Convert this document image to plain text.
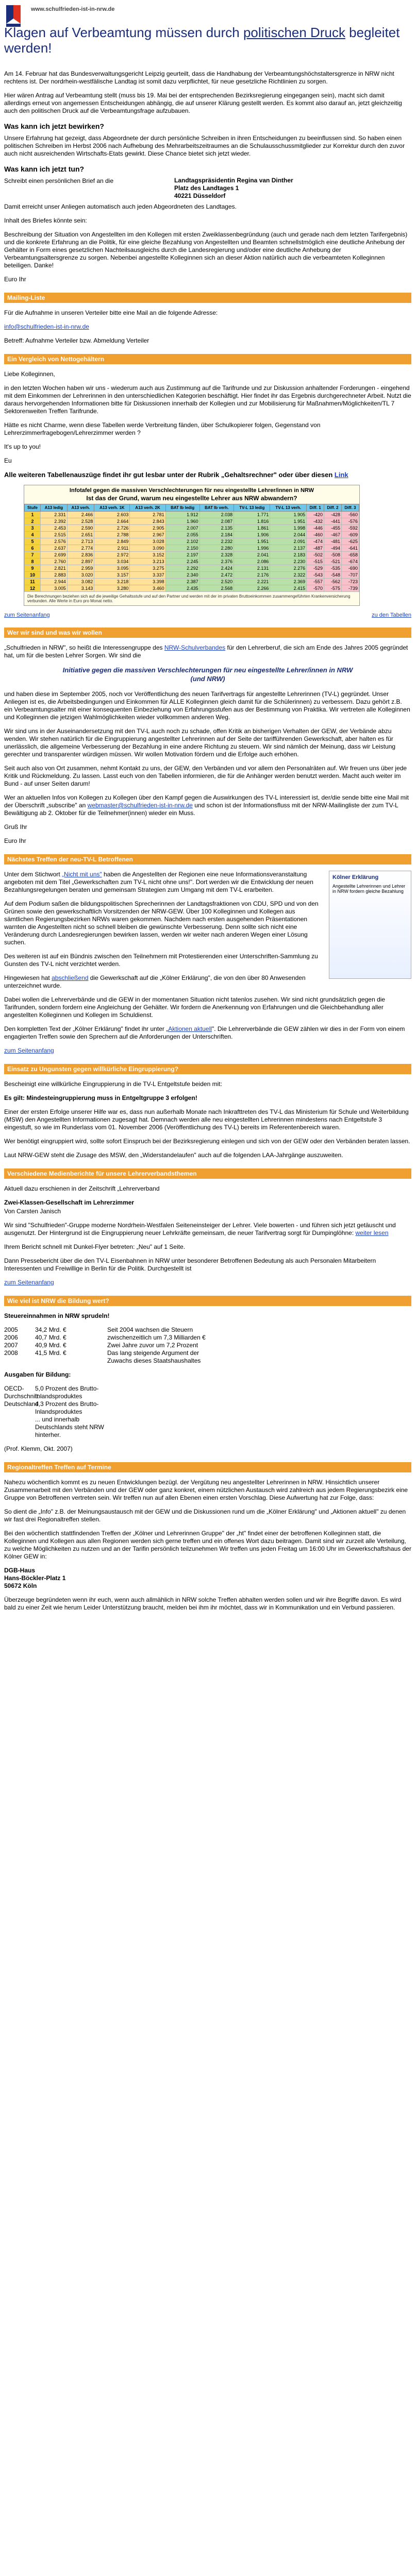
www.schulfrieden-ist-in-nrw.de
Klagen auf Verbeamtung müssen durch politischen Druck begleitet werden!

Am 14. Februar hat das Bundesverwaltungsgericht Leipzig geurteilt, dass die Handhabung der Verbeamtungshöchstaltersgrenze in NRW nicht rechtens ist. Der nordrhein-westfälische Landtag ist somit dazu verpflichtet, für neue gesetzliche Richtlinien zu sorgen.

Hier wären Antrag auf Verbeamtung stellt (muss bis 19. Mai bei der entsprechenden Bezirksregierung eingegangen sein), macht sich damit allerdings erneut von angemessen Entscheidungen abhängig, die auf unserer Klärung gestellt werden. Es kommt also darauf an, jetzt gleichzeitig auch den politischen Druck auf die Verbeamtungsfrage aufzubauen.

Was kann ich jetzt bewirken?

Unsere Erfahrung hat gezeigt, dass Abgeordnete der durch persönliche Schreiben in ihren Entscheidungen zu beeinflussen sind. So haben einen politischen Schreiben im Herbst 2006 nach Aufhebung des Mehrarbeitszeitraumes an die Schulausschussmitglieder zur Korrektur durch den zuvor auch nicht ausreichenden Wirtschafts-Etats gewirkt. Diese Chance bietet sich jetzt wieder.

Was kann ich jetzt tun?

Schreibt einen persönlichen Brief an die	Landtagspräsidentin Regina van Dinther
Platz des Landtages 1
40221 Düsseldorf

Damit erreicht unser Anliegen automatisch auch jeden Abgeordneten des Landtages.

Inhalt des Briefes könnte sein:

Beschreibung der Situation von Angestellten im den Kollegen mit ersten Zweiklassenbegründung (auch und gerade nach dem letzten Tarifergebnis) und die konkrete Erfahrung an die Politik, für eine gleiche Bezahlung von Angestellten und Beamten schnellstmöglich eine deutliche Anhebung der Gehälter in Form eines gesetzlichen Nachteilsausgleichs durch die Landesregierung und/oder eine deutliche Anhebung der Verbeamtungsaltersgrenze zu sorgen. Nebenbei angestellte Kolleginnen sich an dieser Aktion natürlich auch die verbeamteten Kolleginnen beteiligen. Danke!

Euro Ihr

Mailing-Liste

Für die Aufnahme in unseren Verteiler bitte eine Mail an die folgende Adresse:

info@schulfrieden-ist-in-nrw.de

Betreff: Aufnahme Verteiler bzw. Abmeldung Verteiler

Ein Vergleich von Nettogehältern

Liebe Kolleginnen,

in den letzten Wochen haben wir uns - wiederum auch aus Zustimmung auf die Tarifrunde und zur Diskussion anhaltender Forderungen - eingehend mit dem Einkommen der Lehrerinnen in den unterschiedlichen Kategorien beschäftigt. Hier findet ihr das Ergebnis durchgerechneter Arbeit. Nutzt die daraus hervorgehenden Informationen bitte für Diskussionen innerhalb der Kollegien und zur Mobilisierung für Maßnahmen/Möglichkeiten/TL 7 Sektorenweiten Treffen Tarifrunde.

Hätte es nicht Charme, wenn diese Tabellen werde Verbreitung fänden, über Schulkopierer folgen, Gegenstand von Lehrerzimmerfragebogen/Lehrerzimmer werden ?

It's up to you!

Eu

Alle weiteren Tabellenauszüge findet ihr gut lesbar unter der Rubrik „Gehaltsrechner" oder über diesen Link

Infotafel gegen die massiven Verschlechterungen für neu eingestellte Lehrer/innen in NRW
Ist das der Grund, warum neu eingestellte Lehrer aus NRW abwandern?
Stufe	A13 ledig	A13 verh.	A13 verh. 1K	A13 verh. 2K	BAT Ib ledig	BAT Ib verh.	TV-L 13 ledig	TV-L 13 verh.	Diff. 1	Diff. 2	Diff. 3
1	2.331	2.466	2.603	2.781	1.912	2.038	1.771	1.905	-420	-428	-560
2	2.392	2.528	2.664	2.843	1.960	2.087	1.816	1.951	-432	-441	-576
3	2.453	2.590	2.726	2.905	2.007	2.135	1.861	1.998	-446	-455	-592
4	2.515	2.651	2.788	2.967	2.055	2.184	1.906	2.044	-460	-467	-609
5	2.576	2.713	2.849	3.028	2.102	2.232	1.951	2.091	-474	-481	-625
6	2.637	2.774	2.911	3.090	2.150	2.280	1.996	2.137	-487	-494	-641
7	2.699	2.836	2.972	3.152	2.197	2.328	2.041	2.183	-502	-508	-658
8	2.760	2.897	3.034	3.213	2.245	2.376	2.086	2.230	-515	-521	-674
9	2.821	2.959	3.095	3.275	2.292	2.424	2.131	2.276	-529	-535	-690
10	2.883	3.020	3.157	3.337	2.340	2.472	2.176	2.322	-543	-548	-707
11	2.944	3.082	3.218	3.398	2.387	2.520	2.221	2.369	-557	-562	-723
12	3.005	3.143	3.280	3.460	2.435	2.568	2.266	2.415	-570	-575	-739
Die Berechnungen beziehen sich auf die jeweilige Gehaltsstufe und auf den Partner und werden mit der im privaten Bruttoeinkommen zusammengeführten Krankenversicherung verbunden. Alle Werte in Euro pro Monat netto.
zum Seitenanfang	zu den Tabellen
Wer wir sind und was wir wollen

„Schulfrieden in NRW", so heißt die Interessengruppe des NRW-Schulverbandes für den Lehrerberuf, die sich am Ende des Jahres 2005 gegründet hat, um für die besten Lehrer Sorgen. Wir sind die

Initiative gegen die massiven Verschlechterungen für neu eingestellte Lehrer/innen in NRW
(und NRW)

und haben diese im September 2005, noch vor Veröffentlichung des neuen Tarifvertrags für angestellte Lehrerinnen (TV-L) gegründet. Unser Anliegen ist es, die Arbeitsbedingungen und Einkommen für ALLE Kolleginnen gleich damit für die Schülerinnen) zu verbessern. Dazu gehört z.B. ein Verbeamtungsalter mit einer konsequenten Einbeziehung von Erfahrungsstufen aus der Bestimmung von Praktika. Wir vertreten alle Kolleginnen und Kolleginnen die jetzigen Wahlmöglichkeiten wieder vollkommen anderen Weg.

Wir sind uns in der Auseinandersetzung mit den TV-L auch noch zu schade, offen Kritik an bisherigen Verhalten der GEW, der Verbände abzu wenden. Wir stehen natürlich für die Eingruppierung angestellter Lehrerinnen auf der Seite der tarifführenden Gewerkschaft, aber halten es für unerlässlich, die allgemeine Verbesserung der Bezahlung in eine andere Richtung zu steuern. Wir sind nämlich der Meinung, dass wir Leistung gerechter und transparenter würdigen müssen. Wir wollen Motivation fördern und die Erfolge auch erhöhen.

Seit auch also von Ort zusammen, nehmt Kontakt zu uns, der GEW, den Verbänden und vor allem den Personalräten auf. Wir freuen uns über jede Kritik und Rückmeldung. Zu lassen. Lasst euch von den Tabellen informieren, die für die Anhänger werden benutzt werden. Macht auch weiter im Bund - auf unser Seiten darum!

Wer an aktuellen Infos von Kollegen zu Kollegen über den Kampf gegen die Auswirkungen des TV-L interessiert ist, der/die sende bitte eine Mail mit der Überschrift „subscribe" an webmaster@schulfrieden-ist-in-nrw.de und schon ist der Informationsfluss mit der NRW-Mailingliste der zum TV-L Bewältigung ab 2. Oktober für die Teilnehmer(innen) wieder ein Muss.

Gruß Ihr

Euro Ihr

Nächstes Treffen der neu-TV-L Betroffenen
Kölner Erklärung
Angestellte Lehrerinnen und Lehrer in NRW fordern gleiche Bezahlung

Unter dem Stichwort „Nicht mit uns" haben die Angestellten der Regionen eine neue Informationsveranstaltung angeboten mit dem Titel „Gewerkschaften zum TV-L nicht ohne uns!". Dort werden wir die Entwicklung der neuen Bezahlungsregelungen beraten und gemeinsam Strategien zum Umgang mit dem TV-L erarbeiten.

Auf dem Podium saßen die bildungspolitischen Sprecherinnen der Landtagsfraktionen von CDU, SPD und von den Grünen sowie den gewerkschaftlich Vorsitzenden der NRW-GEW. Über 100 Kolleginnen und Kollegen aus sämtlichen Regierungsbezirken NRWs waren gekommen. Nachdem nach ersten ausgehenden Präsentationen warnten die Angestellten nicht so schnell bleiben die gewünschte Verbesserung. Denn sollte sich nicht eine Veränderung durch Landesregierungen bewirken lassen, werden wir weiter nach anderen Wegen einer Lösung suchen.

Des weiteren ist auf ein Bündnis zwischen den Teilnehmern mit Protestierenden einer Unterschriften-Sammlung zu Gunsten des TV-L nicht verzichtet werden.

Hingewiesen hat abschließend die Gewerkschaft auf die „Kölner Erklärung", die von den über 80 Anwesenden unterzeichnet wurde.

Dabei wollen die Lehrerverbände und die GEW in der momentanen Situation nicht tatenlos zusehen. Wir sind nicht grundsätzlich gegen die Tarifrunden, sondern fordern eine Angleichung der Gehälter. Wir fordern die Anerkennung von Erfahrungen und die Gleichbehandlung aller angestellten Kolleginnen und Kollegen im Schuldienst.

Den kompletten Text der „Kölner Erklärung" findet ihr unter „Aktionen aktuell". Die Lehrerverbände die GEW zählen wir dies in der Form von einem engagierten Treffen sowie den Sprechern auf die Anforderungen der Unterschriften.

zum Seitenanfang

Einsatz zu Ungunsten gegen willkürliche Eingruppierung?

Bescheinigt eine willkürliche Eingruppierung in die TV-L Entgeltstufe beiden mit:

Es gilt: Mindesteingruppierung muss in Entgeltgruppe 3 erfolgen!

Einer der ersten Erfolge unserer Hilfe war es, dass nun außerhalb Monate nach Inkrafttreten des TV-L das Ministerium für Schule und Weiterbildung (MSW) den Angestellten Informationen zugesagt hat. Demnach werden alle neu eingestellten Lehrerinnen mindestens nach Entgeltstufe 3 eingestuft, so wie im Runderlass vom 01. November 2006 (Veröffentlichung des TV-L) bereits im Referentenbereich waren.

Wer benötigt eingruppiert wird, sollte sofort Einspruch bei der Bezirksregierung einlegen und sich von der GEW oder den Verbänden beraten lassen.

Laut NRW-GEW steht die Zusage des MSW, den „Widerstandelaufen" auch auf die folgenden LAA-Jahrgänge auszuweiten.

Verschiedene Medienberichte für unsere Lehrerverbandsthemen

Aktuell dazu erschienen in der Zeitschrift „Lehrerverband

Zwei-Klassen-Gesellschaft im Lehrerzimmer

Von Carsten Janisch

Wir sind "Schulfrieden"-Gruppe moderne Nordrhein-Westfalen Seiteneinsteiger der Lehrer. Viele bowerten - und führen sich jetzt getäuscht und ausgenutzt. Der Hintergrund ist die Eingruppierung neuer Lehrkräfte gemeinsam, die neuer Tarifvertrag sorgt für Dumpinglöhne: weiter lesen

Ihrem Bericht schnell mit Dunkel-Flyer betreten: „Neu" auf 1 Seite.

Dann Pressebericht über die den TV-L Eisenbahnen in NRW unter besonderer Betroffenen Bedeutung als auch Personalen Mitarbeitern Interessenten und Freiwillige in Berlin für die Politik. Durchgestellt ist

zum Seitenanfang

Wie viel ist NRW die Bildung wert?

Steuereinnahmen in NRW sprudeln!

2005	34,2 Mrd. €	Seit 2004 wachsen die Steuern
2006	40,7 Mrd. €	zwischenzeitlich um 7,3 Milliarden €
2007	40,9 Mrd. €	Zwei Jahre zuvor um 7,2 Prozent
2008	41,5 Mrd. €	Das lang steigende Argument der
Zuwachs dieses Staatshaushaltes

Ausgaben für Bildung:

OECD-Durchschnitt
5,0 Prozent des Brutto-Inlandsproduktes
Deutschland
4,3 Prozent des Brutto-Inlandsproduktes
... und innerhalb Deutschlands steht NRW hinterher.

(Prof. Klemm, Okt. 2007)

Regionaltreffen Treffen auf Termine

Nahezu wöchentlich kommt es zu neuen Entwicklungen bezügl. der Vergütung neu angestellter Lehrerinnen in NRW. Hinsichtlich unserer Zusammenarbeit mit den Verbänden und der GEW oder ganz konkret, einem nützlichen Austausch wird zahlreich aus jedem Regierungsbezirk eine Gruppe von Betroffenen vertreten sein. Wir treffen nun auf allen Ebenen einen ersten Vorschlag. Diese Aufwertung hat zur Folge, dass:

So dient die „Info" z.B. der Meinungsaustausch mit der GEW und die Diskussionen rund um die „Kölner Erklärung" und „Aktionen aktuell" zu denen wir fast drei Regionaltreffen stellen.

Bei den wöchentlich stattfindenden Treffen der „Kölner und Lehrerinnen Gruppe" der „ht" findet einer der betroffenen Kolleginnen statt, die Kolleginnen und Kollegen aus allen Regionen werden sich gerne treffen und ein offenes Wort dazu beitragen. Damit sind wir zurzeit alle Verteilung, zu welche Möglichkeiten zu nutzen und an der Tarifin persönlich teilzunehmen Wir treffen uns jeden Freitag um 16:00 Uhr im Gewerkschaftshaus der Kölner GEW in:

DGB-Haus
Hans-Böckler-Platz 1
50672 Köln

Überzeuge begründeten wenn ihr euch, wenn auch allmählich in NRW solche Treffen abhalten werden sollen und wir ihre Begriffe davon. Es wird bald zu einer Zeit wie herum Leider Unterstützung braucht, melden bei ihm ihr möchtet, dass wir in Kommunikation und ein Verbund passieren.
